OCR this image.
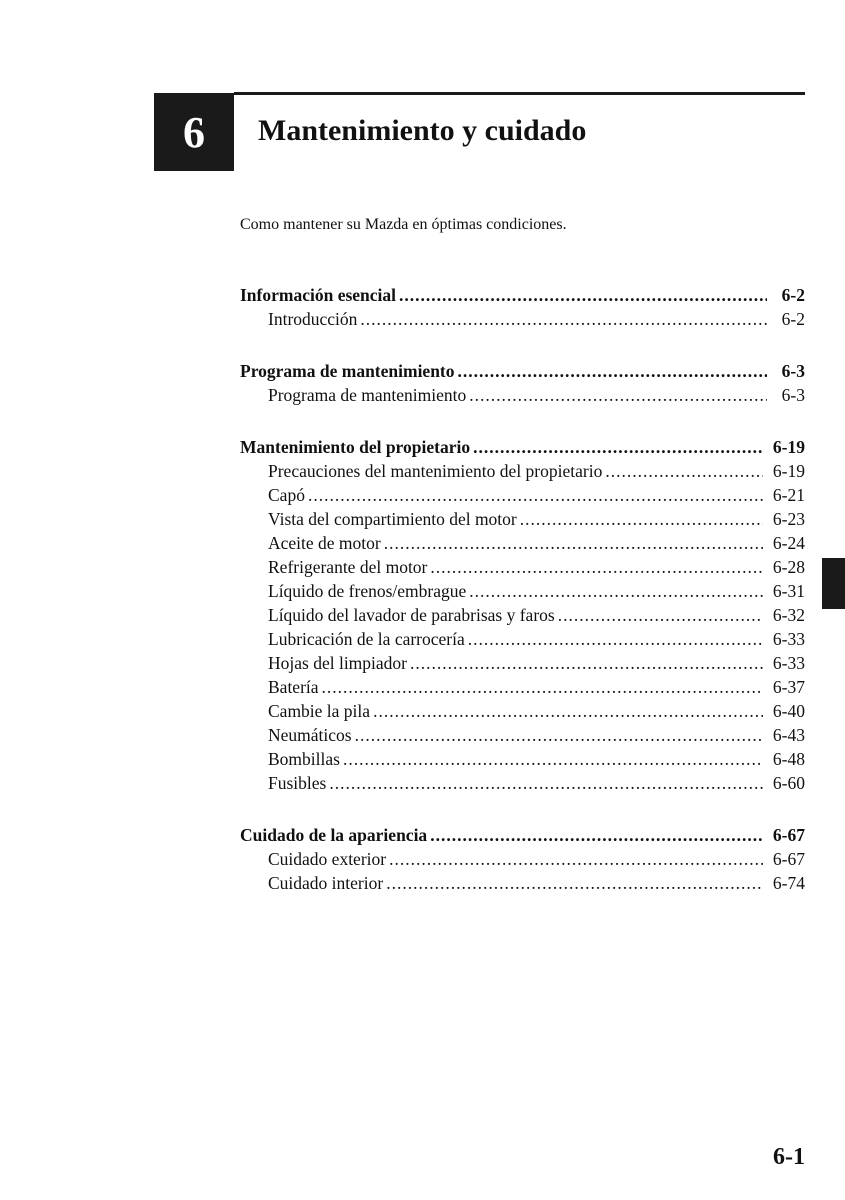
6 Mantenimiento y cuidado
Como mantener su Mazda en óptimas condiciones.
Información esencial .....	6-2
Introducción .....	6-2
Programa de mantenimiento .....	6-3
Programa de mantenimiento .....	6-3
Mantenimiento del propietario .....	6-19
Precauciones del mantenimiento del propietario .....	6-19
Capó .....	6-21
Vista del compartimiento del motor .....	6-23
Aceite de motor .....	6-24
Refrigerante del motor .....	6-28
Líquido de frenos/embrague .....	6-31
Líquido del lavador de parabrisas y faros .....	6-32
Lubricación de la carrocería .....	6-33
Hojas del limpiador .....	6-33
Batería .....	6-37
Cambie la pila .....	6-40
Neumáticos .....	6-43
Bombillas .....	6-48
Fusibles .....	6-60
Cuidado de la apariencia .....	6-67
Cuidado exterior .....	6-67
Cuidado interior .....	6-74
6-1
